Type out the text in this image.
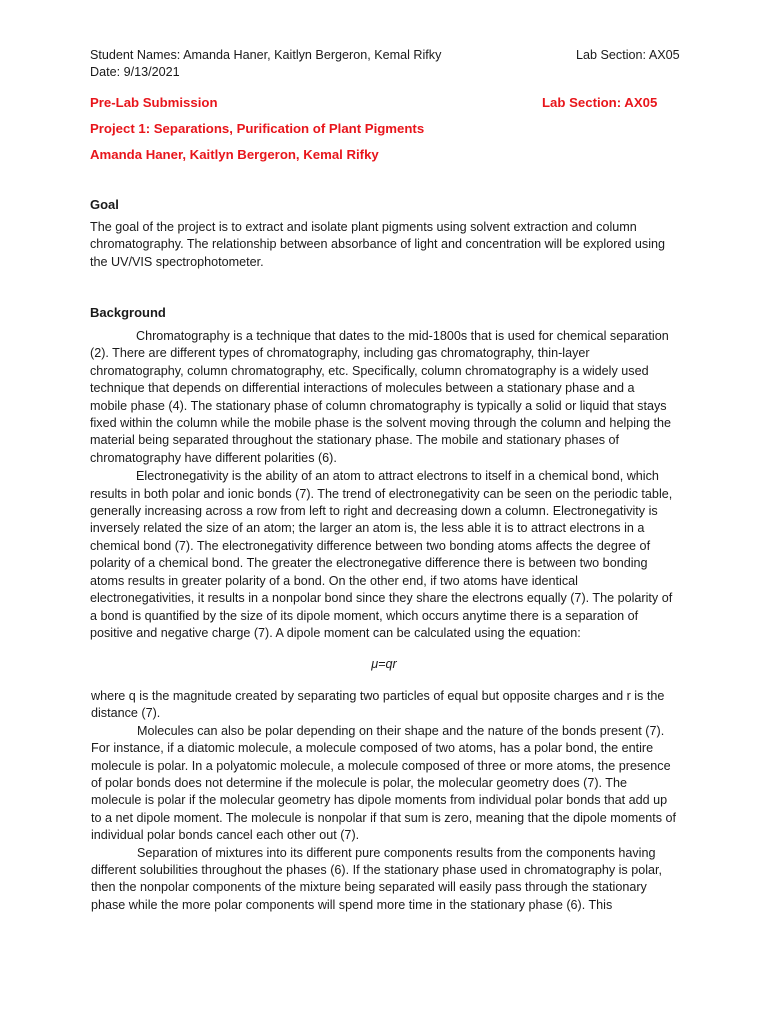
Student Names: Amanda Haner, Kaitlyn Bergeron, Kemal Rifky	Lab Section: AX05
Date: 9/13/2021
Pre-Lab Submission	Lab Section: AX05
Project 1: Separations, Purification of Plant Pigments
Amanda Haner, Kaitlyn Bergeron, Kemal Rifky
Goal

The goal of the project is to extract and isolate plant pigments using solvent extraction and column chromatography. The relationship between absorbance of light and concentration will be explored using the UV/VIS spectrophotometer.

Background

Chromatography is a technique that dates to the mid-1800s that is used for chemical separation (2). There are different types of chromatography, including gas chromatography, thin-layer chromatography, column chromatography, etc. Specifically, column chromatography is a widely used technique that depends on differential interactions of molecules between a stationary phase and a mobile phase (4). The stationary phase of column chromatography is typically a solid or liquid that stays fixed within the column while the mobile phase is the solvent moving through the column and helping the material being separated throughout the stationary phase. The mobile and stationary phases of chromatography have different polarities (6).

Electronegativity is the ability of an atom to attract electrons to itself in a chemical bond, which results in both polar and ionic bonds (7). The trend of electronegativity can be seen on the periodic table, generally increasing across a row from left to right and decreasing down a column. Electronegativity is inversely related the size of an atom; the larger an atom is, the less able it is to attract electrons in a chemical bond (7). The electronegativity difference between two bonding atoms affects the degree of polarity of a chemical bond. The greater the electronegative difference there is between two bonding atoms results in greater polarity of a bond. On the other end, if two atoms have identical electronegativities, it results in a nonpolar bond since they share the electrons equally (7). The polarity of a bond is quantified by the size of its dipole moment, which occurs anytime there is a separation of positive and negative charge (7). A dipole moment can be calculated using the equation:

μ=qr

where q is the magnitude created by separating two particles of equal but opposite charges and r is the distance (7).

Molecules can also be polar depending on their shape and the nature of the bonds present (7). For instance, if a diatomic molecule, a molecule composed of two atoms, has a polar bond, the entire molecule is polar. In a polyatomic molecule, a molecule composed of three or more atoms, the presence of polar bonds does not determine if the molecule is polar, the molecular geometry does (7). The molecule is polar if the molecular geometry has dipole moments from individual polar bonds that add up to a net dipole moment. The molecule is nonpolar if that sum is zero, meaning that the dipole moments of individual polar bonds cancel each other out (7).

Separation of mixtures into its different pure components results from the components having different solubilities throughout the phases (6). If the stationary phase used in chromatography is polar, then the nonpolar components of the mixture being separated will easily pass through the stationary phase while the more polar components will spend more time in the stationary phase (6). This
